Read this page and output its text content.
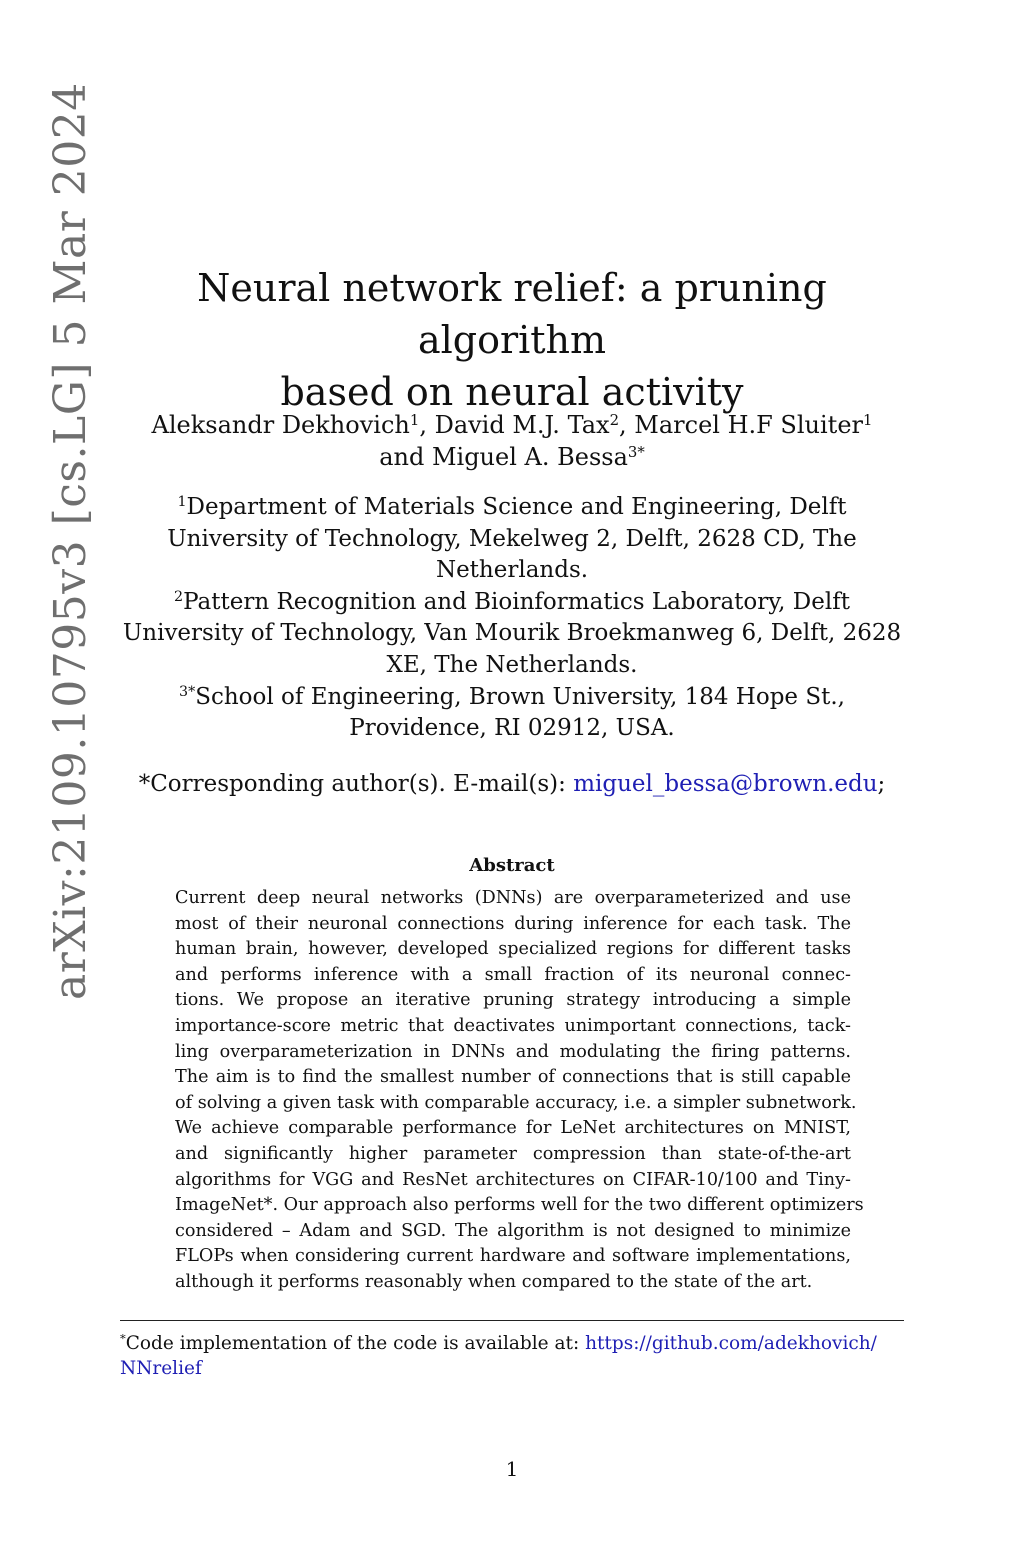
arXiv:2109.10795v3 [cs.LG] 5 Mar 2024	Neural network relief: a pruning algorithm
based on neural activity
Aleksandr Dekhovich$^1$, David M.J. Tax$^2$, Marcel H.F Sluiter$^1$
and Miguel A. Bessa$^{3*}$
$^1$Department of Materials Science and Engineering, Delft University of Technology, Mekelweg 2, Delft, 2628 CD, The Netherlands.
$^2$Pattern Recognition and Bioinformatics Laboratory, Delft University of Technology, Van Mourik Broekmanweg 6, Delft, 2628 XE, The Netherlands.
$^{3*}$School of Engineering, Brown University, 184 Hope St., Providence, RI 02912, USA.
*Corresponding author(s). E-mail(s): miguel_bessa@brown.edu;
Abstract
Current deep neural networks (DNNs) are overparameterized and use
most of their neuronal connections during inference for each task. The
human brain, however, developed specialized regions for different tasks
and performs inference with a small fraction of its neuronal connec-
tions. We propose an iterative pruning strategy introducing a simple
importance-score metric that deactivates unimportant connections, tack-
ling overparameterization in DNNs and modulating the firing patterns.
The aim is to find the smallest number of connections that is still capable
of solving a given task with comparable accuracy, i.e. a simpler subnetwork.
We achieve comparable performance for LeNet architectures on MNIST,
and significantly higher parameter compression than state-of-the-art
algorithms for VGG and ResNet architectures on CIFAR-10/100 and Tiny-
ImageNet*. Our approach also performs well for the two different optimizers
considered – Adam and SGD. The algorithm is not designed to minimize
FLOPs when considering current hardware and software implementations,
although it performs reasonably when compared to the state of the art.
*Code implementation of the code is available at: https://github.com/adekhovich/
NNrelief
1
